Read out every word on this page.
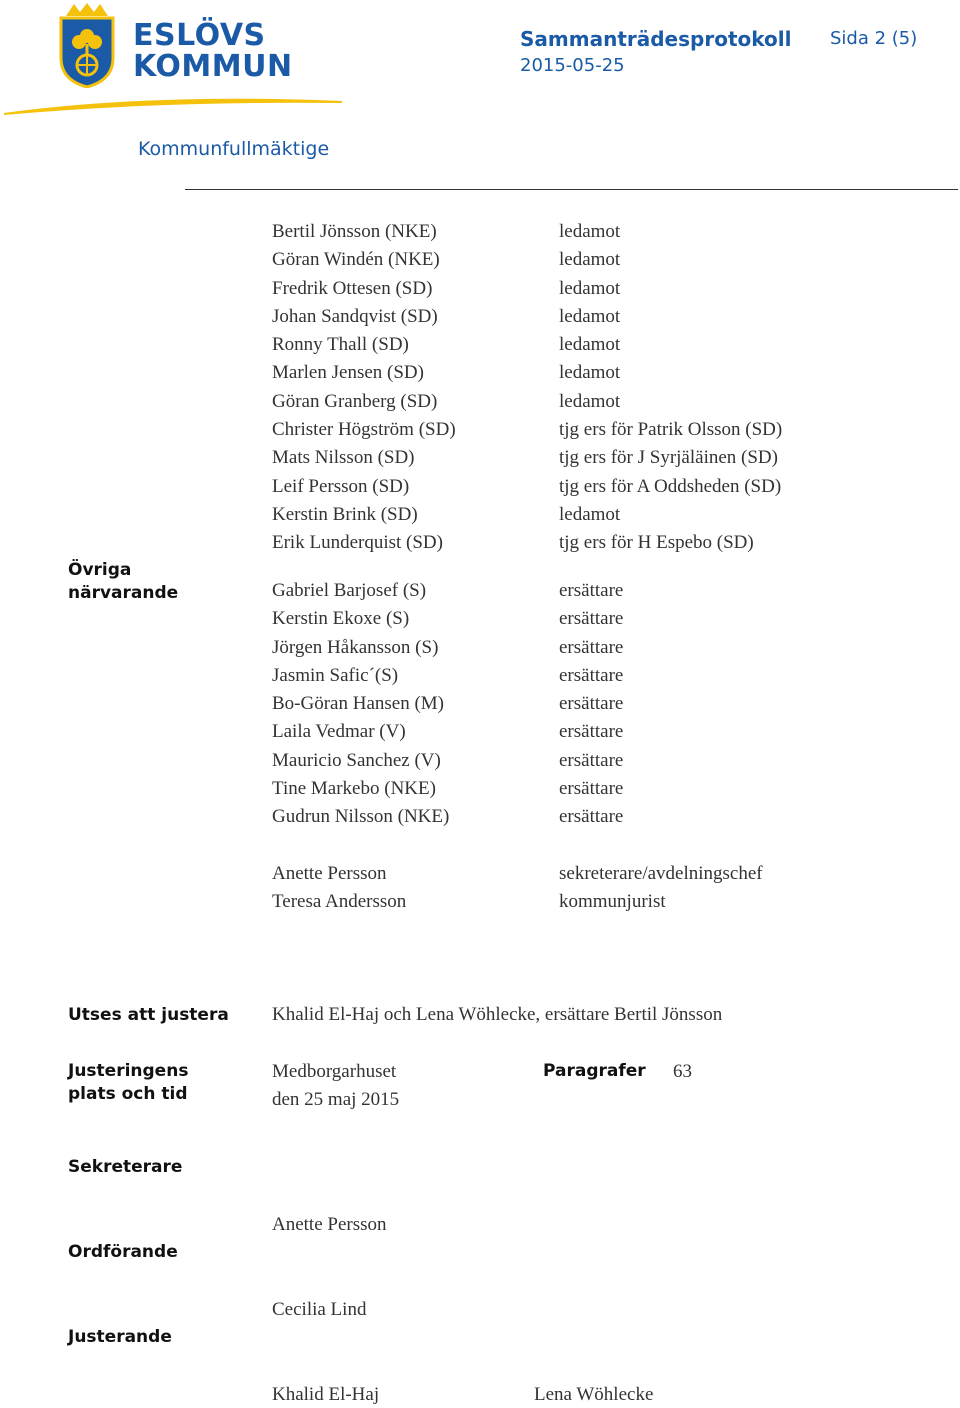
ESLÖVS
KOMMUN
Sammanträdesprotokoll
2015-05-25
Sida 2 (5)
Kommunfullmäktige
Övriga
närvarande
Bertil Jönsson (NKE)
Göran Windén (NKE)
Fredrik Ottesen (SD)
Johan Sandqvist (SD)
Ronny Thall (SD)
Marlen Jensen (SD)
Göran Granberg (SD)
Christer Högström (SD)
Mats Nilsson (SD)
Leif Persson (SD)
Kerstin Brink (SD)
Erik Lunderquist (SD)
ledamot
ledamot
ledamot
ledamot
ledamot
ledamot
ledamot
tjg ers för Patrik Olsson (SD)
tjg ers för J Syrjäläinen (SD)
tjg ers för A Oddsheden (SD)
ledamot
tjg ers för H Espebo (SD)
Gabriel Barjosef (S)
Kerstin Ekoxe (S)
Jörgen Håkansson (S)
Jasmin Safic´(S)
Bo-Göran Hansen (M)
Laila Vedmar (V)
Mauricio Sanchez (V)
Tine Markebo (NKE)
Gudrun Nilsson (NKE)
ersättare
ersättare
ersättare
ersättare
ersättare
ersättare
ersättare
ersättare
ersättare
Anette Persson
Teresa Andersson
sekreterare/avdelningschef
kommunjurist
Utses att justera Khalid El-Haj och Lena Wöhlecke, ersättare Bertil Jönsson
Justeringens
plats och tid
Medborgarhuset
den 25 maj 2015
Paragrafer 63
Sekreterare
Anette Persson
Ordförande
Cecilia Lind
Justerande
Khalid El-Haj	Lena Wöhlecke
